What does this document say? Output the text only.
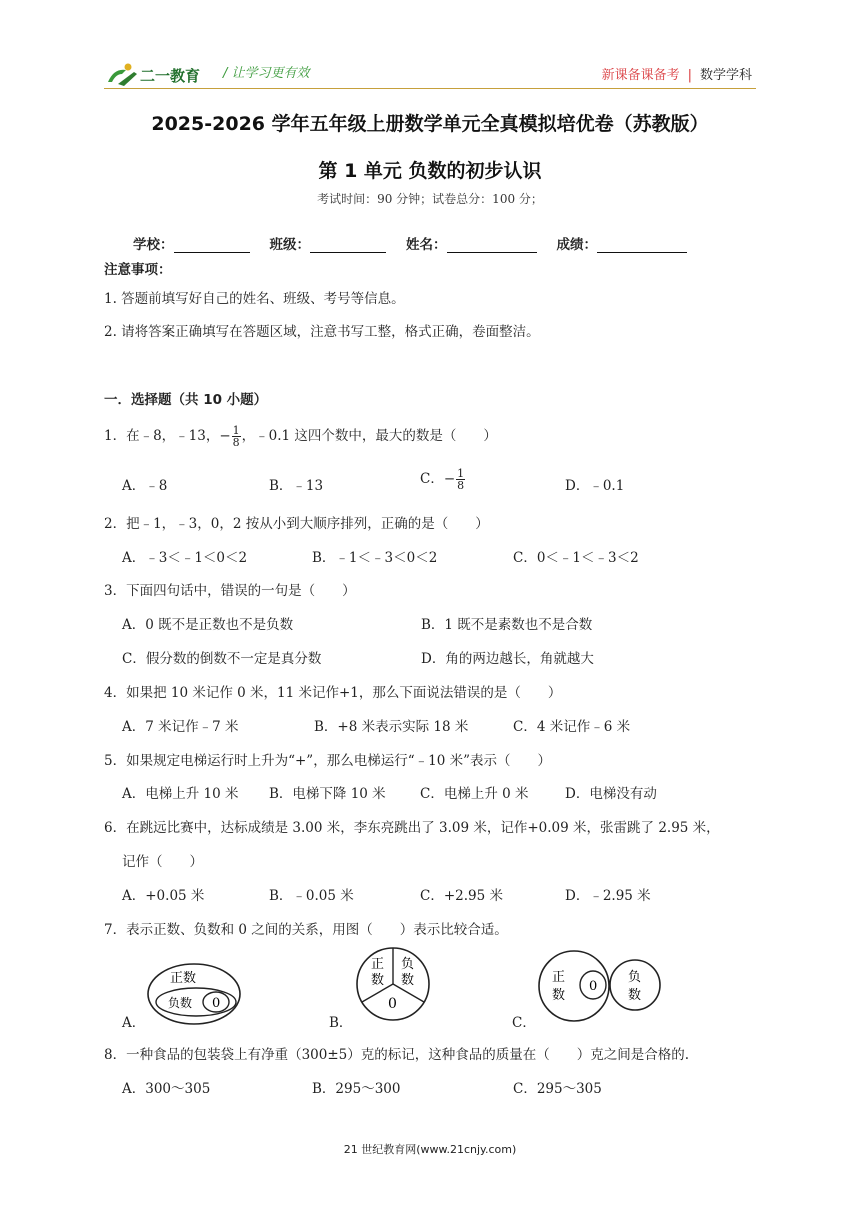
二一教育 / 让学习更有效	新课备课备考 | 数学学科
2025-2026 学年五年级上册数学单元全真模拟培优卷（苏教版）
第 1 单元 负数的初步认识
考试时间：90 分钟；试卷总分：100 分；
学校：	班级：	姓名：	成绩：
注意事项：
1. 答题前填写好自己的姓名、班级、考号等信息。
2. 请将答案正确填写在答题区域，注意书写工整，格式正确，卷面整洁。
一．选择题（共 10 小题）
1．在﹣8，﹣13，− $\frac{1}{8}$ ，﹣0.1 这四个数中，最大的数是（　　）
A．﹣8	B．﹣13	C．− $\frac{1}{8}$	D．﹣0.1
2．把﹣1，﹣3，0，2 按从小到大顺序排列，正确的是（　　）
A．﹣3＜﹣1＜0＜2	B．﹣1＜﹣3＜0＜2	C．0＜﹣1＜﹣3＜2
3．下面四句话中，错误的一句是（　　）
A．0 既不是正数也不是负数	B．1 既不是素数也不是合数
C．假分数的倒数不一定是真分数	D．角的两边越长，角就越大
4．如果把 10 米记作 0 米，11 米记作+1，那么下面说法错误的是（　　）
A．7 米记作﹣7 米	B．+8 米表示实际 18 米	C．4 米记作﹣6 米
5．如果规定电梯运行时上升为“+”，那么电梯运行“﹣10 米”表示（　　）
A．电梯上升 10 米 B．电梯下降 10 米	C．电梯上升 0 米	D．电梯没有动
6．在跳远比赛中，达标成绩是 3.00 米，李东亮跳出了 3.09 米，记作+0.09 米，张雷跳了 2.95 米，
记作（　　）
A．+0.05 米	B．﹣0.05 米	C．+2.95 米	D．﹣2.95 米
7．表示正数、负数和 0 之间的关系，用图（　　）表示比较合适。
A．
正数
负数 0
B．
正
数
负
数
0
C．
正
数
0
负
数
8．一种食品的包装袋上有净重（300±5）克的标记，这种食品的质量在（　　）克之间是合格的.
A．300～305	B．295～300	C．295～305
21 世纪教育网(www.21cnjy.com)
